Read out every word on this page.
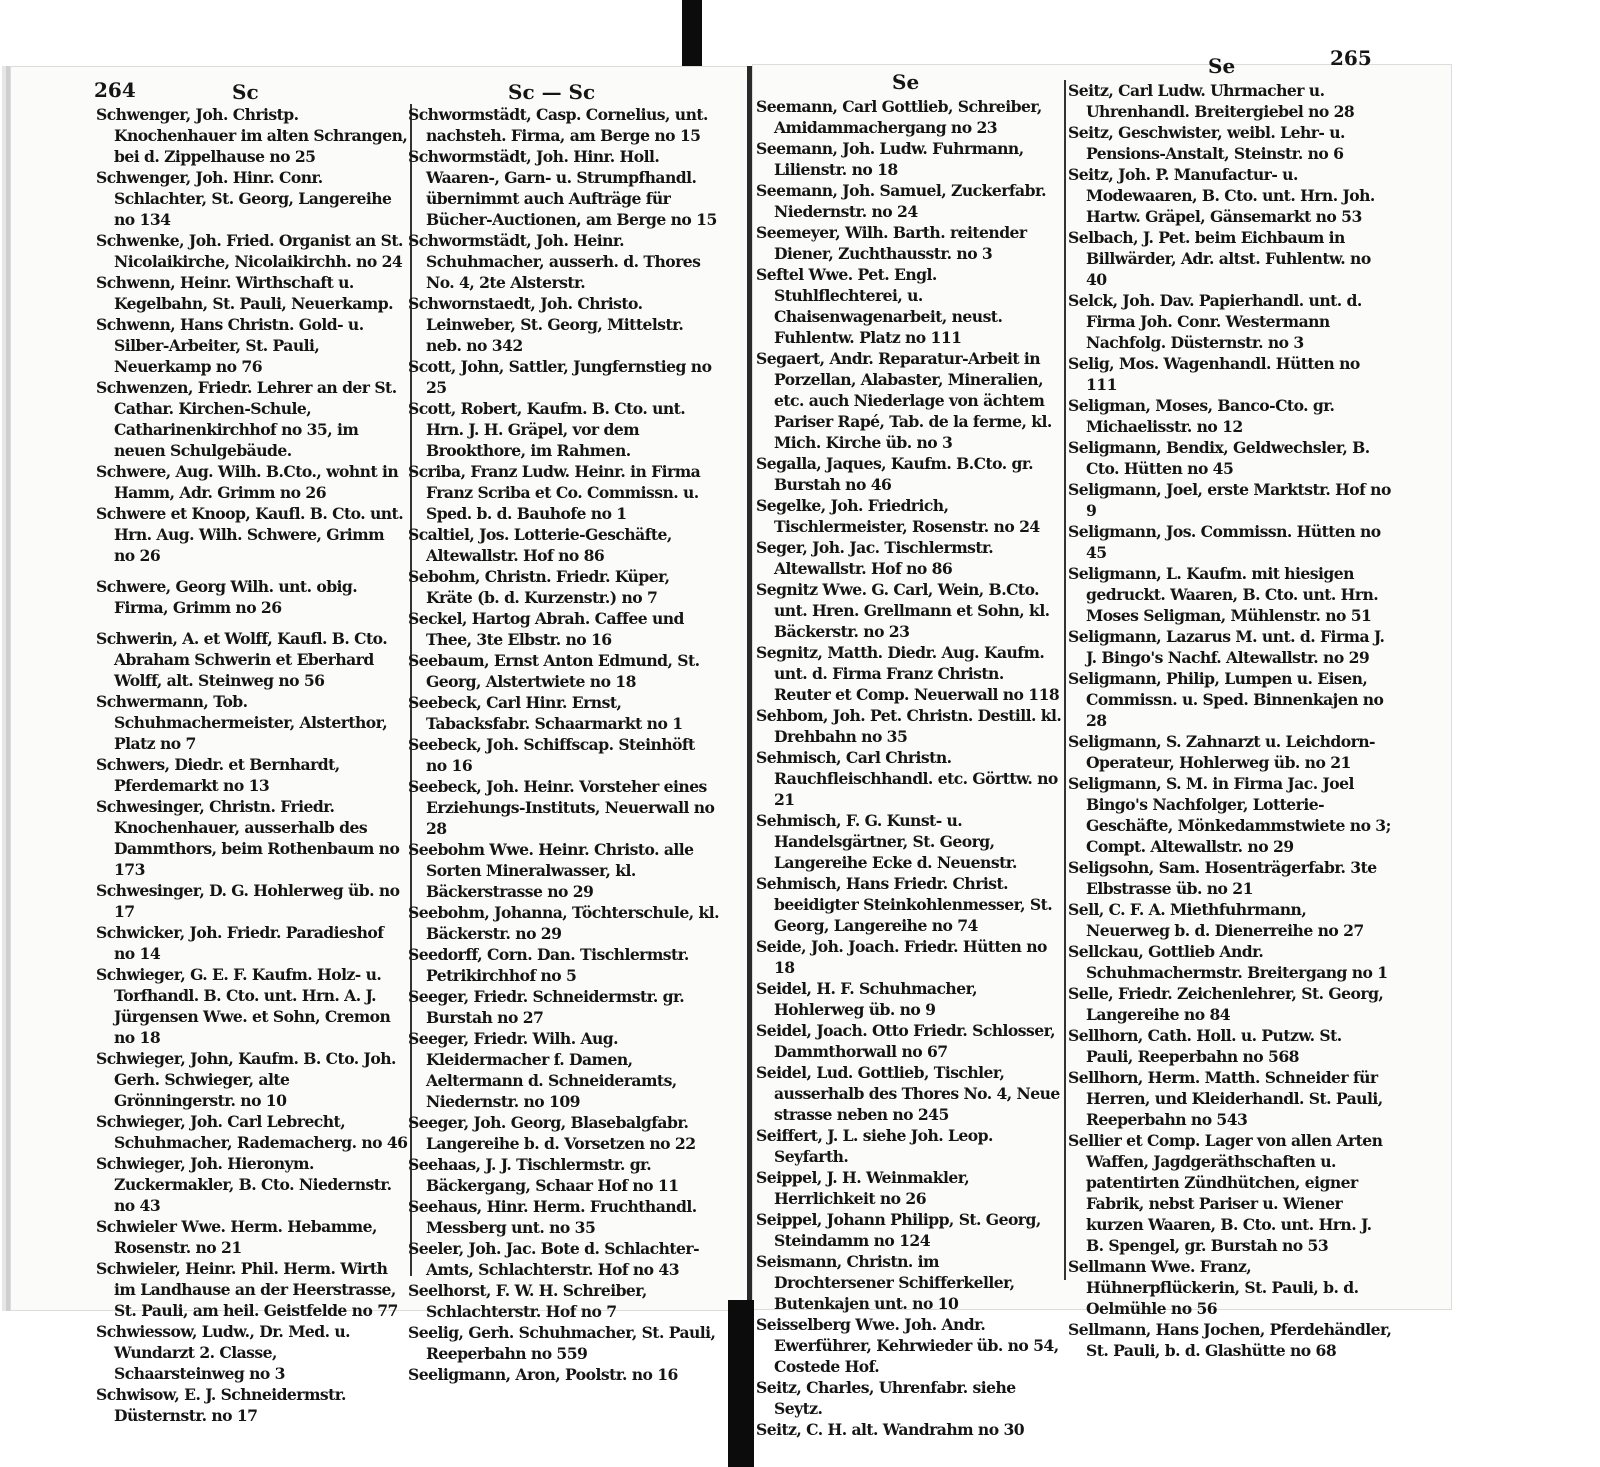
264	Sc	Sc — Sc

Schwenger, Joh. Christp. Knochenhauer im alten Schrangen, bei d. Zippelhause no 25

Schwenger, Joh. Hinr. Conr. Schlachter, St. Georg, Langereihe no 134

Schwenke, Joh. Fried. Organist an St. Nicolaikirche, Nicolaikirchh. no 24

Schwenn, Heinr. Wirthschaft u. Kegelbahn, St. Pauli, Neuerkamp.

Schwenn, Hans Christn. Gold- u. Silber-Arbeiter, St. Pauli, Neuerkamp no 76

Schwenzen, Friedr. Lehrer an der St. Cathar. Kirchen-Schule, Catharinenkirchhof no 35, im neuen Schulgebäude.

Schwere, Aug. Wilh. B.Cto., wohnt in Hamm, Adr. Grimm no 26

Schwere et Knoop, Kaufl. B. Cto. unt. Hrn. Aug. Wilh. Schwere, Grimm no 26

Schwere, Georg Wilh. unt. obig. Firma, Grimm no 26

Schwerin, A. et Wolff, Kaufl. B. Cto. Abraham Schwerin et Eberhard Wolff, alt. Steinweg no 56

Schwermann, Tob. Schuhmachermeister, Alsterthor, Platz no 7

Schwers, Diedr. et Bernhardt, Pferdemarkt no 13

Schwesinger, Christn. Friedr. Knochenhauer, ausserhalb des Dammthors, beim Rothenbaum no 173

Schwesinger, D. G. Hohlerweg üb. no 17

Schwicker, Joh. Friedr. Paradieshof no 14

Schwieger, G. E. F. Kaufm. Holz- u. Torfhandl. B. Cto. unt. Hrn. A. J. Jürgensen Wwe. et Sohn, Cremon no 18

Schwieger, John, Kaufm. B. Cto. Joh. Gerh. Schwieger, alte Grönningerstr. no 10

Schwieger, Joh. Carl Lebrecht, Schuhmacher, Rademacherg. no 46

Schwieger, Joh. Hieronym. Zuckermakler, B. Cto. Niedernstr. no 43

Schwieler Wwe. Herm. Hebamme, Rosenstr. no 21

Schwieler, Heinr. Phil. Herm. Wirth im Landhause an der Heerstrasse, St. Pauli, am heil. Geistfelde no 77

Schwiessow, Ludw., Dr. Med. u. Wundarzt 2. Classe, Schaarsteinweg no 3

Schwisow, E. J. Schneidermstr. Düsternstr. no 17

Schwormstädt, Casp. Cornelius, unt. nachsteh. Firma, am Berge no 15

Schwormstädt, Joh. Hinr. Holl. Waaren-, Garn- u. Strumpfhandl. übernimmt auch Aufträge für Bücher-Auctionen, am Berge no 15

Schwormstädt, Joh. Heinr. Schuhmacher, ausserh. d. Thores No. 4, 2te Alsterstr.

Schwornstaedt, Joh. Christo. Leinweber, St. Georg, Mittelstr. neb. no 342

Scott, John, Sattler, Jungfernstieg no 25

Scott, Robert, Kaufm. B. Cto. unt. Hrn. J. H. Gräpel, vor dem Brookthore, im Rahmen.

Scriba, Franz Ludw. Heinr. in Firma Franz Scriba et Co. Commissn. u. Sped. b. d. Bauhofe no 1

Scaltiel, Jos. Lotterie-Geschäfte, Altewallstr. Hof no 86

Sebohm, Christn. Friedr. Küper, Kräte (b. d. Kurzenstr.) no 7

Seckel, Hartog Abrah. Caffee und Thee, 3te Elbstr. no 16

Seebaum, Ernst Anton Edmund, St. Georg, Alstertwiete no 18

Seebeck, Carl Hinr. Ernst, Tabacksfabr. Schaarmarkt no 1

Seebeck, Joh. Schiffscap. Steinhöft no 16

Seebeck, Joh. Heinr. Vorsteher eines Erziehungs-Instituts, Neuerwall no 28

Seebohm Wwe. Heinr. Christo. alle Sorten Mineralwasser, kl. Bäckerstrasse no 29

Seebohm, Johanna, Töchterschule, kl. Bäckerstr. no 29

Seedorff, Corn. Dan. Tischlermstr. Petrikirchhof no 5

Seeger, Friedr. Schneidermstr. gr. Burstah no 27

Seeger, Friedr. Wilh. Aug. Kleidermacher f. Damen, Aeltermann d. Schneideramts, Niedernstr. no 109

Seeger, Joh. Georg, Blasebalgfabr. Langereihe b. d. Vorsetzen no 22

Seehaas, J. J. Tischlermstr. gr. Bäckergang, Schaar Hof no 11

Seehaus, Hinr. Herm. Fruchthandl. Messberg unt. no 35

Seeler, Joh. Jac. Bote d. Schlachter-Amts, Schlachterstr. Hof no 43

Seelhorst, F. W. H. Schreiber, Schlachterstr. Hof no 7

Seelig, Gerh. Schuhmacher, St. Pauli, Reeperbahn no 559

Seeligmann, Aron, Poolstr. no 16

Se
Se	265

Seemann, Carl Gottlieb, Schreiber, Amidammachergang no 23

Seemann, Joh. Ludw. Fuhrmann, Lilienstr. no 18

Seemann, Joh. Samuel, Zuckerfabr. Niedernstr. no 24

Seemeyer, Wilh. Barth. reitender Diener, Zuchthausstr. no 3

Seftel Wwe. Pet. Engl. Stuhlflechterei, u. Chaisenwagenarbeit, neust. Fuhlentw. Platz no 111

Segaert, Andr. Reparatur-Arbeit in Porzellan, Alabaster, Mineralien, etc. auch Niederlage von ächtem Pariser Rapé, Tab. de la ferme, kl. Mich. Kirche üb. no 3

Segalla, Jaques, Kaufm. B.Cto. gr. Burstah no 46

Segelke, Joh. Friedrich, Tischlermeister, Rosenstr. no 24

Seger, Joh. Jac. Tischlermstr. Altewallstr. Hof no 86

Segnitz Wwe. G. Carl, Wein, B.Cto. unt. Hren. Grellmann et Sohn, kl. Bäckerstr. no 23

Segnitz, Matth. Diedr. Aug. Kaufm. unt. d. Firma Franz Christn. Reuter et Comp. Neuerwall no 118

Sehbom, Joh. Pet. Christn. Destill. kl. Drehbahn no 35

Sehmisch, Carl Christn. Rauchfleischhandl. etc. Görttw. no 21

Sehmisch, F. G. Kunst- u. Handelsgärtner, St. Georg, Langereihe Ecke d. Neuenstr.

Sehmisch, Hans Friedr. Christ. beeidigter Steinkohlenmesser, St. Georg, Langereihe no 74

Seide, Joh. Joach. Friedr. Hütten no 18

Seidel, H. F. Schuhmacher, Hohlerweg üb. no 9

Seidel, Joach. Otto Friedr. Schlosser, Dammthorwall no 67

Seidel, Lud. Gottlieb, Tischler, ausserhalb des Thores No. 4, Neue strasse neben no 245

Seiffert, J. L. siehe Joh. Leop. Seyfarth.

Seippel, J. H. Weinmakler, Herrlichkeit no 26

Seippel, Johann Philipp, St. Georg, Steindamm no 124

Seismann, Christn. im Drochtersener Schifferkeller, Butenkajen unt. no 10

Seisselberg Wwe. Joh. Andr. Ewerführer, Kehrwieder üb. no 54, Costede Hof.

Seitz, Charles, Uhrenfabr. siehe Seytz.

Seitz, C. H. alt. Wandrahm no 30

Seitz, Carl Ludw. Uhrmacher u. Uhrenhandl. Breitergiebel no 28

Seitz, Geschwister, weibl. Lehr- u. Pensions-Anstalt, Steinstr. no 6

Seitz, Joh. P. Manufactur- u. Modewaaren, B. Cto. unt. Hrn. Joh. Hartw. Gräpel, Gänsemarkt no 53

Selbach, J. Pet. beim Eichbaum in Billwärder, Adr. altst. Fuhlentw. no 40

Selck, Joh. Dav. Papierhandl. unt. d. Firma Joh. Conr. Westermann Nachfolg. Düsternstr. no 3

Selig, Mos. Wagenhandl. Hütten no 111

Seligman, Moses, Banco-Cto. gr. Michaelisstr. no 12

Seligmann, Bendix, Geldwechsler, B. Cto. Hütten no 45

Seligmann, Joel, erste Marktstr. Hof no 9

Seligmann, Jos. Commissn. Hütten no 45

Seligmann, L. Kaufm. mit hiesigen gedruckt. Waaren, B. Cto. unt. Hrn. Moses Seligman, Mühlenstr. no 51

Seligmann, Lazarus M. unt. d. Firma J. J. Bingo's Nachf. Altewallstr. no 29

Seligmann, Philip, Lumpen u. Eisen, Commissn. u. Sped. Binnenkajen no 28

Seligmann, S. Zahnarzt u. Leichdorn-Operateur, Hohlerweg üb. no 21

Seligmann, S. M. in Firma Jac. Joel Bingo's Nachfolger, Lotterie-Geschäfte, Mönkedammstwiete no 3; Compt. Altewallstr. no 29

Seligsohn, Sam. Hosenträgerfabr. 3te Elbstrasse üb. no 21

Sell, C. F. A. Miethfuhrmann, Neuerweg b. d. Dienerreihe no 27

Sellckau, Gottlieb Andr. Schuhmachermstr. Breitergang no 1

Selle, Friedr. Zeichenlehrer, St. Georg, Langereihe no 84

Sellhorn, Cath. Holl. u. Putzw. St. Pauli, Reeperbahn no 568

Sellhorn, Herm. Matth. Schneider für Herren, und Kleiderhandl. St. Pauli, Reeperbahn no 543

Sellier et Comp. Lager von allen Arten Waffen, Jagdgeräthschaften u. patentirten Zündhütchen, eigner Fabrik, nebst Pariser u. Wiener kurzen Waaren, B. Cto. unt. Hrn. J. B. Spengel, gr. Burstah no 53

Sellmann Wwe. Franz, Hühnerpflückerin, St. Pauli, b. d. Oelmühle no 56

Sellmann, Hans Jochen, Pferdehändler, St. Pauli, b. d. Glashütte no 68
